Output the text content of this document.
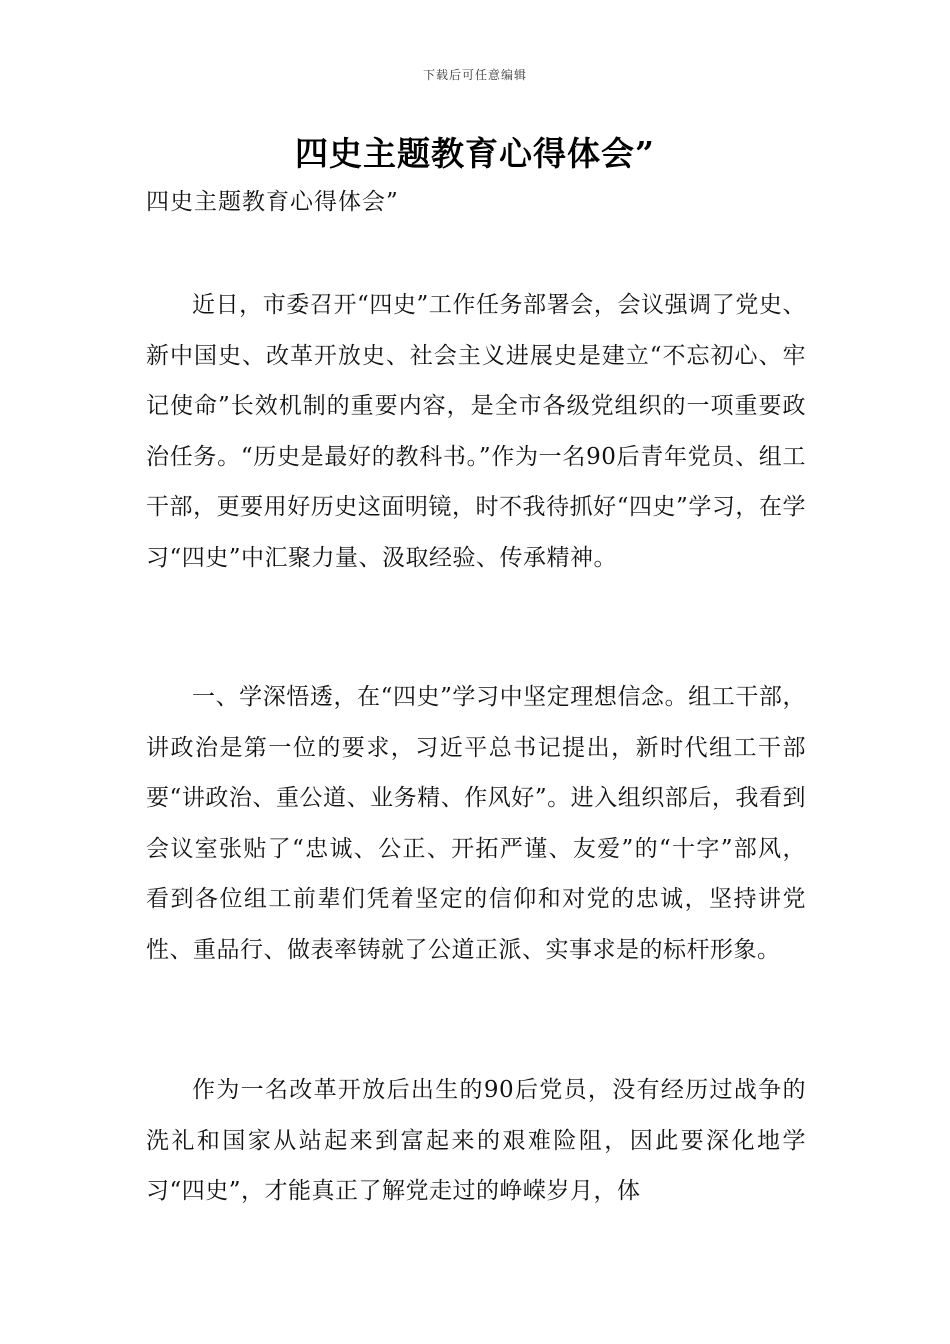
下载后可任意编辑
四史主题教育心得体会”
四史主题教育心得体会”
近日，市委召开“四史”工作任务部署会，会议强调了党史、新中国史、改革开放史、社会主义进展史是建立“不忘初心、牢记使命”长效机制的重要内容，是全市各级党组织的一项重要政治任务。“历史是最好的教科书。”作为一名90后青年党员、组工干部，更要用好历史这面明镜，时不我待抓好“四史”学习，在学习“四史”中汇聚力量、汲取经验、传承精神。
一、学深悟透，在“四史”学习中坚定理想信念。组工干部，讲政治是第一位的要求，习近平总书记提出，新时代组工干部要“讲政治、重公道、业务精、作风好”。进入组织部后，我看到会议室张贴了“忠诚、公正、开拓严谨、友爱”的“十字”部风，看到各位组工前辈们凭着坚定的信仰和对党的忠诚，坚持讲党性、重品行、做表率铸就了公道正派、实事求是的标杆形象。
作为一名改革开放后出生的90后党员，没有经历过战争的洗礼和国家从站起来到富起来的艰难险阻，因此要深化地学习“四史”，才能真正了解党走过的峥嵘岁月，体
